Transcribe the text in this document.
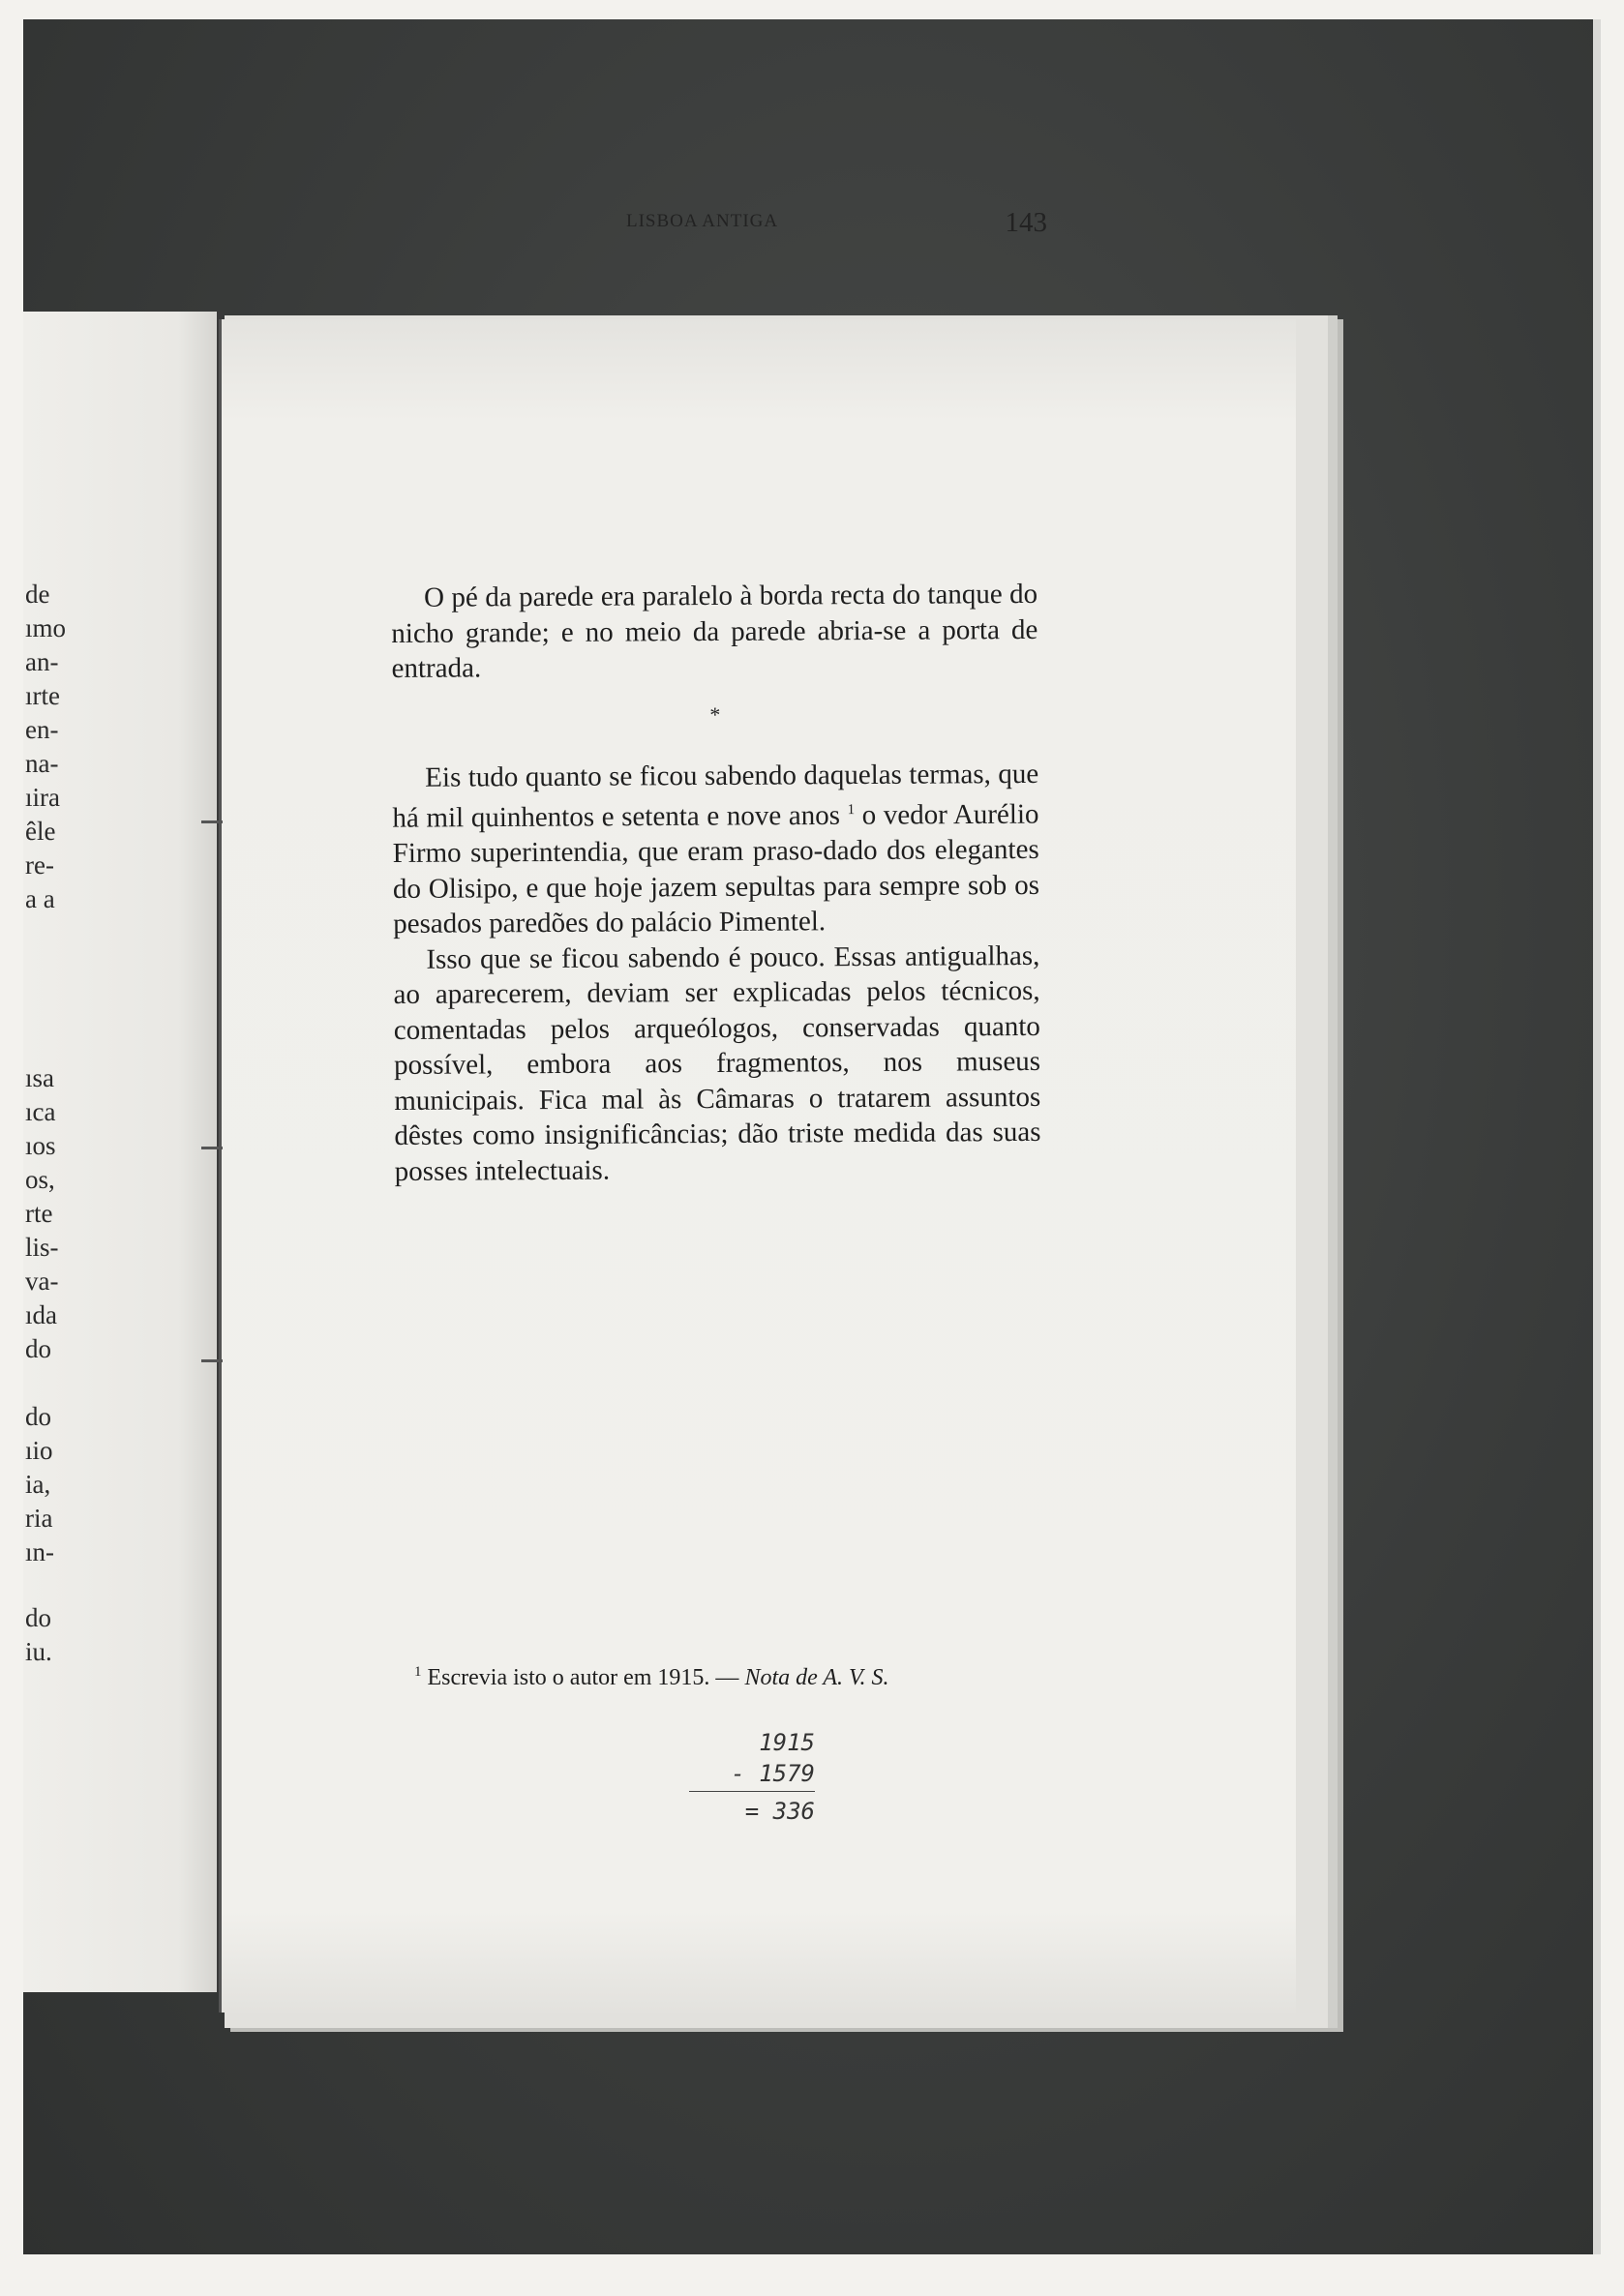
de
ımo
an-
ırte
en-
na-
ıira
êle
re-
a a
ısa
ıca
ıos
os,
rte
lis-
va-
ıda
do
do
ıio
ia,
ria
ın-
do
iu.
LISBOA ANTIGA	143

O pé da parede era paralelo à borda recta do tanque do nicho grande; e no meio da parede abria-se a porta de entrada.

*

Eis tudo quanto se ficou sabendo daquelas termas, que há mil quinhentos e setenta e nove anos $^1$ o vedor Aurélio Firmo superintendia, que eram praso-dado dos elegantes do Olisipo, e que hoje jazem sepultas para sempre sob os pesados paredões do palácio Pimentel.

Isso que se ficou sabendo é pouco. Essas antigualhas, ao aparecerem, deviam ser explicadas pelos técnicos, comentadas pelos arqueólogos, conservadas quanto possível, embora aos fragmentos, nos museus municipais. Fica mal às Câmaras o tratarem assuntos dêstes como insignificâncias; dão triste medida das suas posses intelectuais.

$^1$ Escrevia isto o autor em 1915. — Nota de A. V. S.
1915
- 1579
= 336
